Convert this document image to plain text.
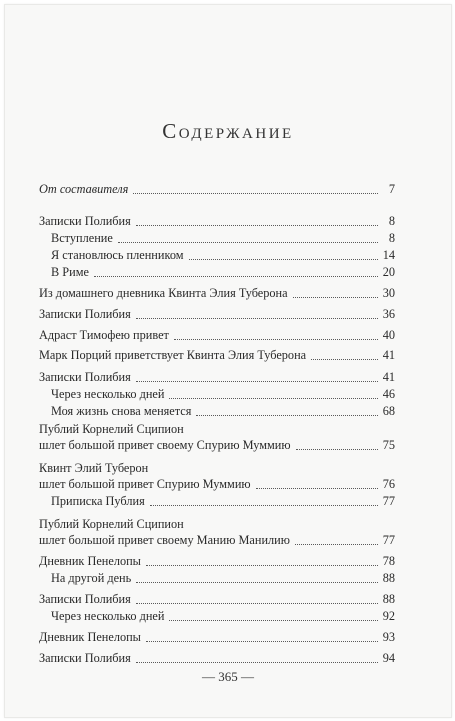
Содержание
От составителя	7
Записки Полибия	8
Вступление	8
Я становлюсь пленником	14
В Риме	20
Из домашнего дневника Квинта Элия Туберона	30
Записки Полибия	36
Адраст Тимофею привет	40
Марк Порций приветствует Квинта Элия Туберона	41
Записки Полибия	41
Через несколько дней	46
Моя жизнь снова меняется	68
Публий Корнелий Сципион
шлет большой привет своему Спурию Муммию	75
Квинт Элий Туберон
шлет большой привет Спурию Муммию	76
Приписка Публия	77
Публий Корнелий Сципион
шлет большой привет своему Манию Манилию	77
Дневник Пенелопы	78
На другой день	88
Записки Полибия	88
Через несколько дней	92
Дневник Пенелопы	93
Записки Полибия	94
— 365 —
